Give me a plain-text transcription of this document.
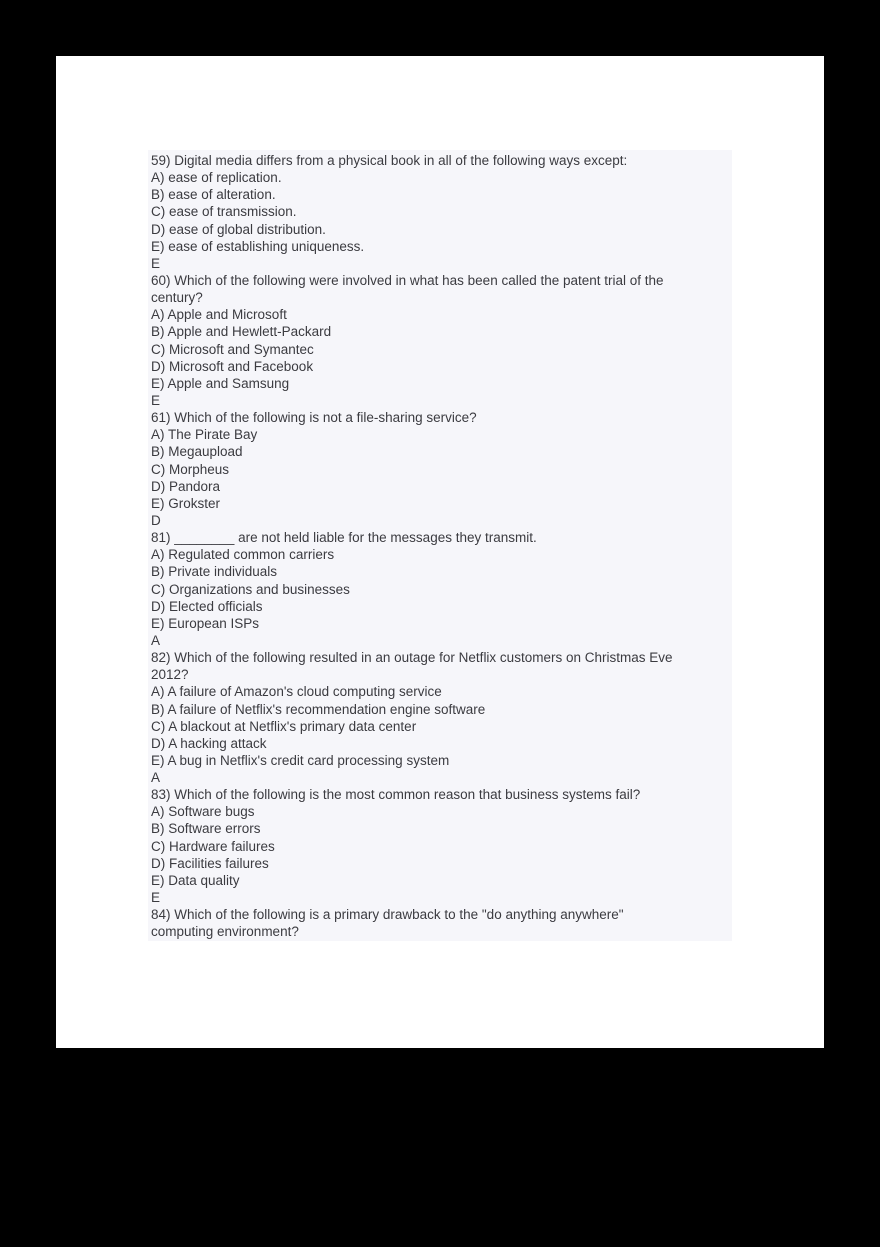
59) Digital media differs from a physical book in all of the following ways except:
A) ease of replication.
B) ease of alteration.
C) ease of transmission.
D) ease of global distribution.
E) ease of establishing uniqueness.
E
60) Which of the following were involved in what has been called the patent trial of the
century?
A) Apple and Microsoft
B) Apple and Hewlett-Packard
C) Microsoft and Symantec
D) Microsoft and Facebook
E) Apple and Samsung
E
61) Which of the following is not a file-sharing service?
A) The Pirate Bay
B) Megaupload
C) Morpheus
D) Pandora
E) Grokster
D
81) ________ are not held liable for the messages they transmit.
A) Regulated common carriers
B) Private individuals
C) Organizations and businesses
D) Elected officials
E) European ISPs
A
82) Which of the following resulted in an outage for Netflix customers on Christmas Eve
2012?
A) A failure of Amazon's cloud computing service
B) A failure of Netflix's recommendation engine software
C) A blackout at Netflix's primary data center
D) A hacking attack
E) A bug in Netflix's credit card processing system
A
83) Which of the following is the most common reason that business systems fail?
A) Software bugs
B) Software errors
C) Hardware failures
D) Facilities failures
E) Data quality
E
84) Which of the following is a primary drawback to the "do anything anywhere"
computing environment?
